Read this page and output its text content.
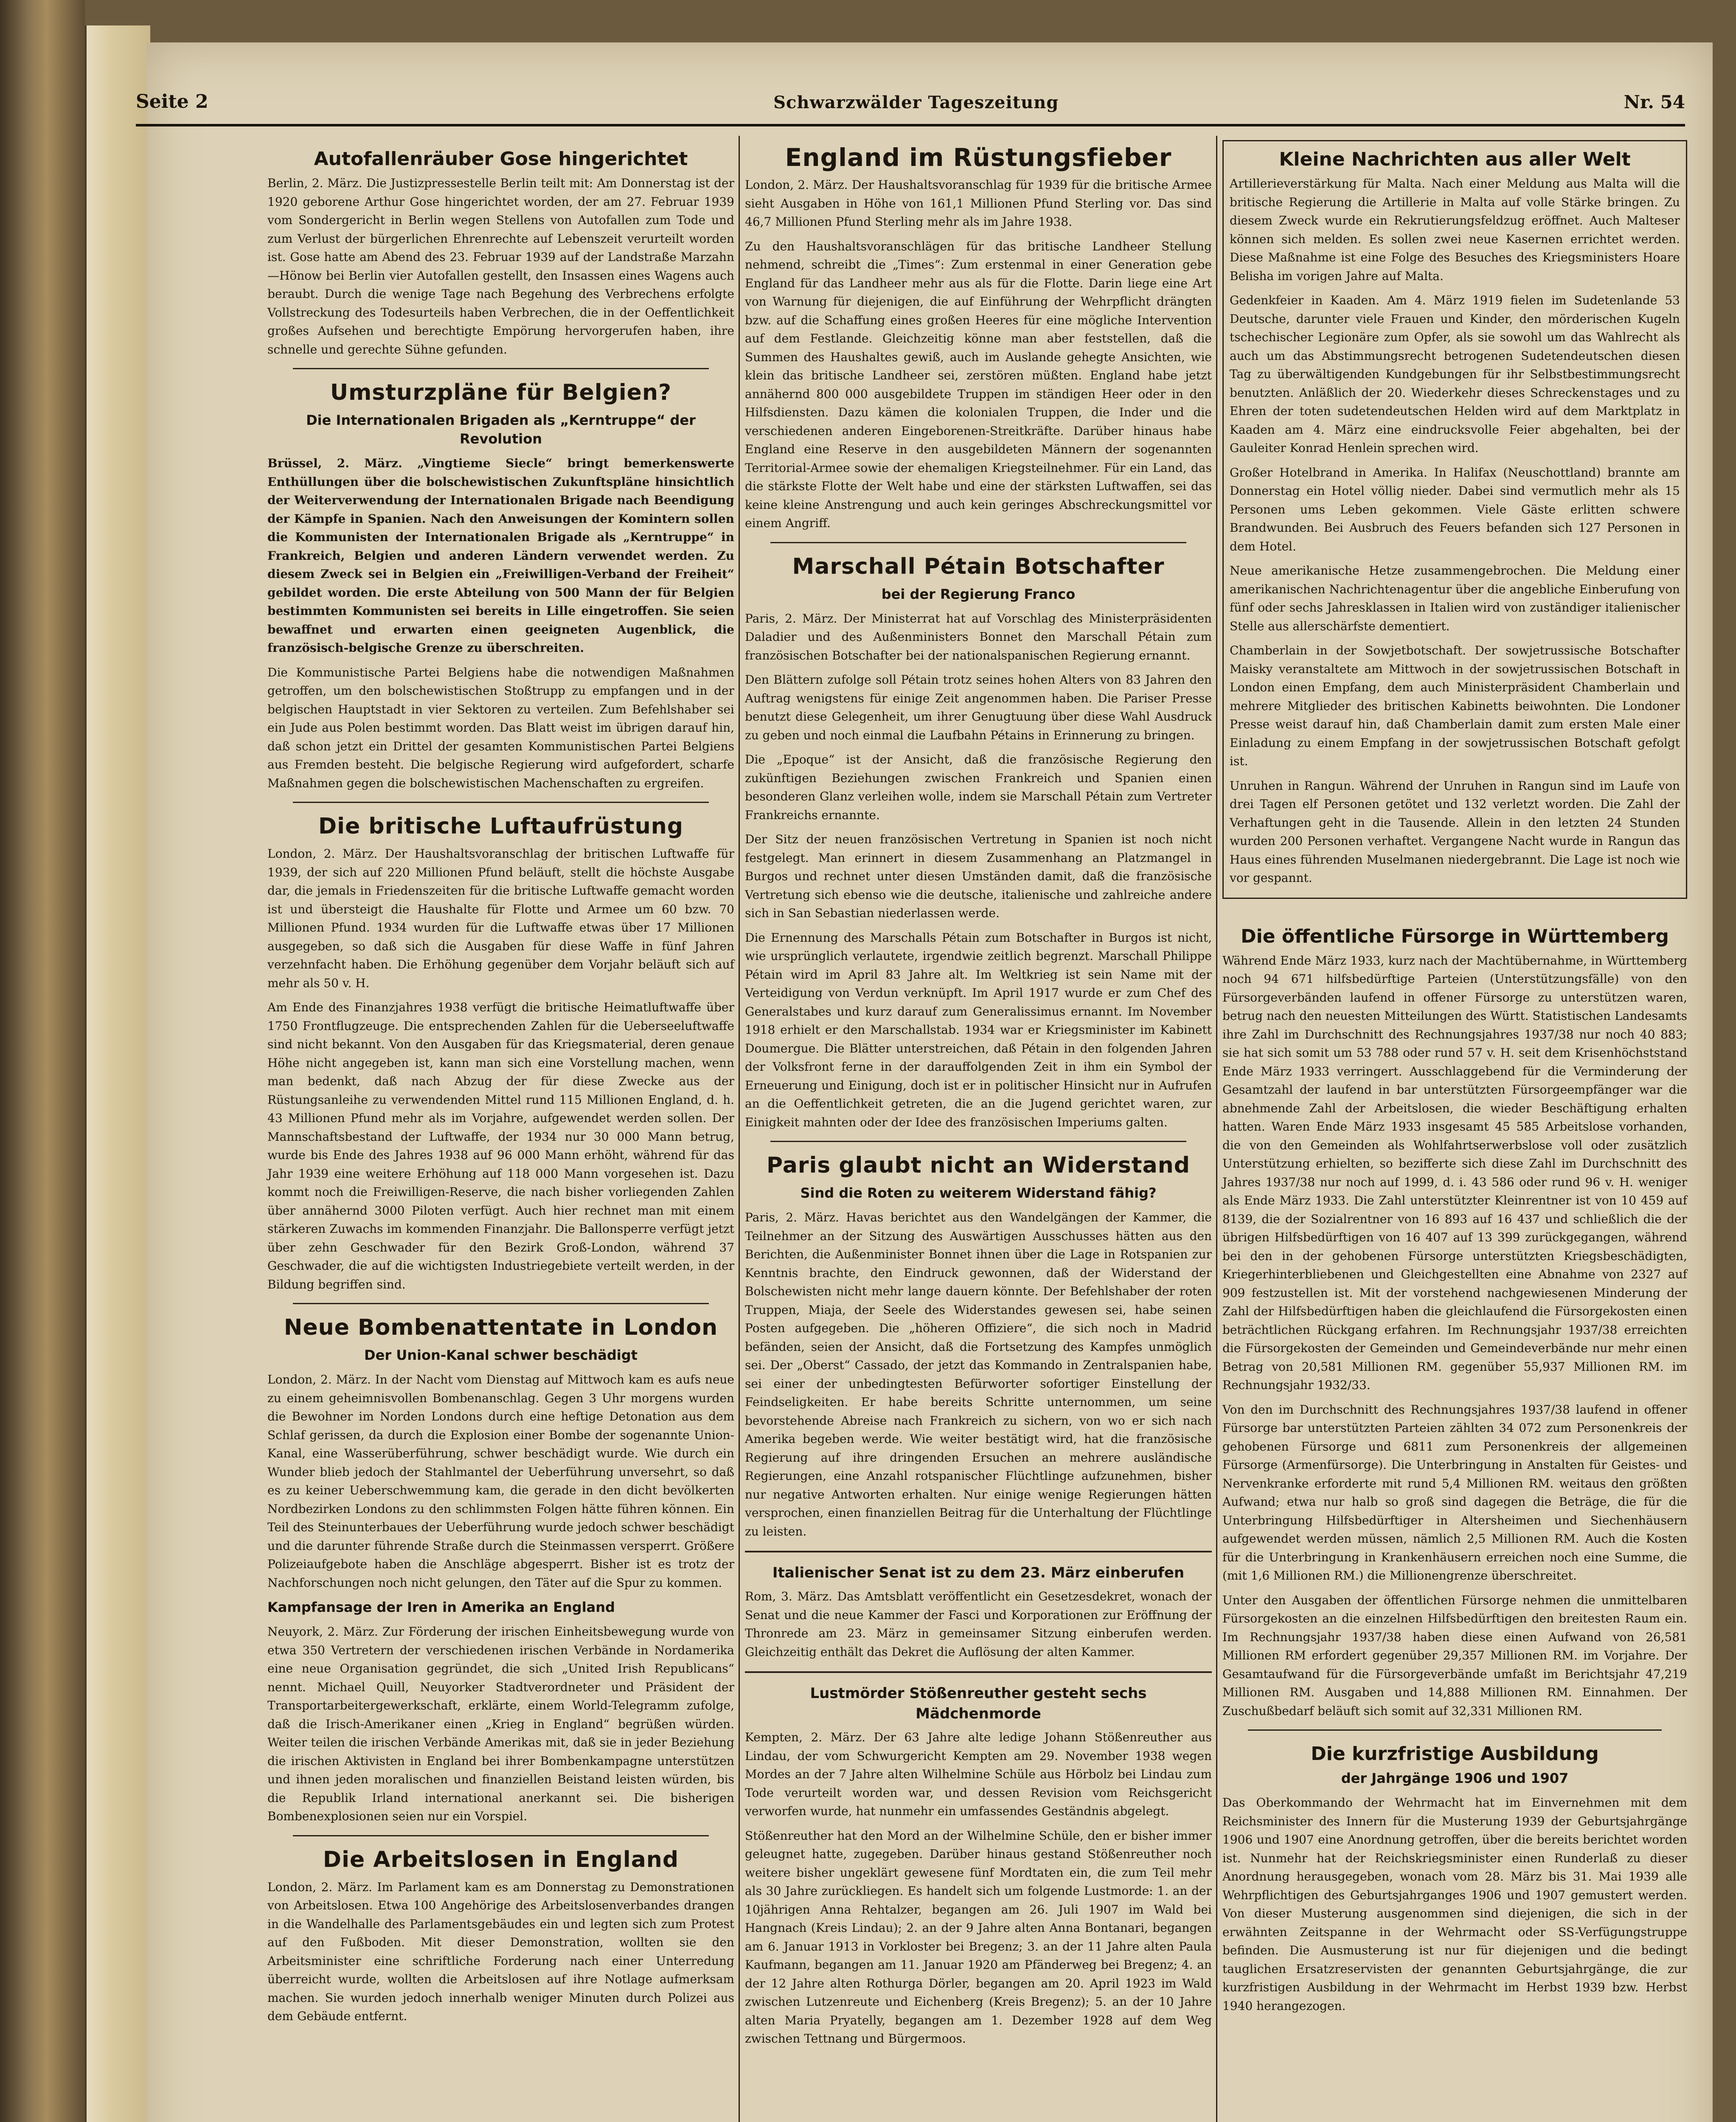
Seite 2	Schwarzwälder Tageszeitung	Nr. 54
Autofallenräuber Gose hingerichtet

Berlin, 2. März. Die Justizpressestelle Berlin teilt mit: Am Donnerstag ist der 1920 geborene Arthur Gose hingerichtet worden, der am 27. Februar 1939 vom Sondergericht in Berlin wegen Stellens von Autofallen zum Tode und zum Verlust der bürgerlichen Ehrenrechte auf Lebenszeit verurteilt worden ist. Gose hatte am Abend des 23. Februar 1939 auf der Landstraße Marzahn—Hönow bei Berlin vier Autofallen gestellt, den Insassen eines Wagens auch beraubt. Durch die wenige Tage nach Begehung des Verbrechens erfolgte Vollstreckung des Todesurteils haben Verbrechen, die in der Oeffentlichkeit großes Aufsehen und berechtigte Empörung hervorgerufen haben, ihre schnelle und gerechte Sühne gefunden.

Umsturzpläne für Belgien?
Die Internationalen Brigaden als „Kerntruppe“ der Revolution

Brüssel, 2. März. „Vingtieme Siecle“ bringt bemerkenswerte Enthüllungen über die bolschewistischen Zukunftspläne hinsichtlich der Weiterverwendung der Internationalen Brigade nach Beendigung der Kämpfe in Spanien. Nach den Anweisungen der Komintern sollen die Kommunisten der Internationalen Brigade als „Kerntruppe“ in Frankreich, Belgien und anderen Ländern verwendet werden. Zu diesem Zweck sei in Belgien ein „Freiwilligen-Verband der Freiheit“ gebildet worden. Die erste Abteilung von 500 Mann der für Belgien bestimmten Kommunisten sei bereits in Lille eingetroffen. Sie seien bewaffnet und erwarten einen geeigneten Augenblick, die französisch-belgische Grenze zu überschreiten.

Die Kommunistische Partei Belgiens habe die notwendigen Maßnahmen getroffen, um den bolschewistischen Stoßtrupp zu empfangen und in der belgischen Hauptstadt in vier Sektoren zu verteilen. Zum Befehlshaber sei ein Jude aus Polen bestimmt worden. Das Blatt weist im übrigen darauf hin, daß schon jetzt ein Drittel der gesamten Kommunistischen Partei Belgiens aus Fremden besteht. Die belgische Regierung wird aufgefordert, scharfe Maßnahmen gegen die bolschewistischen Machenschaften zu ergreifen.

Die britische Luftaufrüstung

London, 2. März. Der Haushaltsvoranschlag der britischen Luftwaffe für 1939, der sich auf 220 Millionen Pfund beläuft, stellt die höchste Ausgabe dar, die jemals in Friedenszeiten für die britische Luftwaffe gemacht worden ist und übersteigt die Haushalte für Flotte und Armee um 60 bzw. 70 Millionen Pfund. 1934 wurden für die Luftwaffe etwas über 17 Millionen ausgegeben, so daß sich die Ausgaben für diese Waffe in fünf Jahren verzehnfacht haben. Die Erhöhung gegenüber dem Vorjahr beläuft sich auf mehr als 50 v. H.

Am Ende des Finanzjahres 1938 verfügt die britische Heimatluftwaffe über 1750 Frontflugzeuge. Die entsprechenden Zahlen für die Ueberseeluftwaffe sind nicht bekannt. Von den Ausgaben für das Kriegsmaterial, deren genaue Höhe nicht angegeben ist, kann man sich eine Vorstellung machen, wenn man bedenkt, daß nach Abzug der für diese Zwecke aus der Rüstungsanleihe zu verwendenden Mittel rund 115 Millionen England, d. h. 43 Millionen Pfund mehr als im Vorjahre, aufgewendet werden sollen. Der Mannschaftsbestand der Luftwaffe, der 1934 nur 30 000 Mann betrug, wurde bis Ende des Jahres 1938 auf 96 000 Mann erhöht, während für das Jahr 1939 eine weitere Erhöhung auf 118 000 Mann vorgesehen ist. Dazu kommt noch die Freiwilligen-Reserve, die nach bisher vorliegenden Zahlen über annähernd 3000 Piloten verfügt. Auch hier rechnet man mit einem stärkeren Zuwachs im kommenden Finanzjahr. Die Ballonsperre verfügt jetzt über zehn Geschwader für den Bezirk Groß-London, während 37 Geschwader, die auf die wichtigsten Industriegebiete verteilt werden, in der Bildung begriffen sind.

Neue Bombenattentate in London
Der Union-Kanal schwer beschädigt

London, 2. März. In der Nacht vom Dienstag auf Mittwoch kam es aufs neue zu einem geheimnisvollen Bombenanschlag. Gegen 3 Uhr morgens wurden die Bewohner im Norden Londons durch eine heftige Detonation aus dem Schlaf gerissen, da durch die Explosion einer Bombe der sogenannte Union-Kanal, eine Wasserüberführung, schwer beschädigt wurde. Wie durch ein Wunder blieb jedoch der Stahlmantel der Ueberführung unversehrt, so daß es zu keiner Ueberschwemmung kam, die gerade in den dicht bevölkerten Nordbezirken Londons zu den schlimmsten Folgen hätte führen können. Ein Teil des Steinunterbaues der Ueberführung wurde jedoch schwer beschädigt und die darunter führende Straße durch die Steinmassen versperrt. Größere Polizeiaufgebote haben die Anschläge abgesperrt. Bisher ist es trotz der Nachforschungen noch nicht gelungen, den Täter auf die Spur zu kommen.

Kampfansage der Iren in Amerika an England

Neuyork, 2. März. Zur Förderung der irischen Einheitsbewegung wurde von etwa 350 Vertretern der verschiedenen irischen Verbände in Nordamerika eine neue Organisation gegründet, die sich „United Irish Republicans“ nennt. Michael Quill, Neuyorker Stadtverordneter und Präsident der Transportarbeitergewerkschaft, erklärte, einem World-Telegramm zufolge, daß die Irisch-Amerikaner einen „Krieg in England“ begrüßen würden. Weiter teilen die irischen Verbände Amerikas mit, daß sie in jeder Beziehung die irischen Aktivisten in England bei ihrer Bombenkampagne unterstützen und ihnen jeden moralischen und finanziellen Beistand leisten würden, bis die Republik Irland international anerkannt sei. Die bisherigen Bombenexplosionen seien nur ein Vorspiel.

Die Arbeitslosen in England

London, 2. März. Im Parlament kam es am Donnerstag zu Demonstrationen von Arbeitslosen. Etwa 100 Angehörige des Arbeitslosenverbandes drangen in die Wandelhalle des Parlamentsgebäudes ein und legten sich zum Protest auf den Fußboden. Mit dieser Demonstration, wollten sie den Arbeitsminister eine schriftliche Forderung nach einer Unterredung überreicht wurde, wollten die Arbeitslosen auf ihre Notlage aufmerksam machen. Sie wurden jedoch innerhalb weniger Minuten durch Polizei aus dem Gebäude entfernt.

England im Rüstungsfieber

London, 2. März. Der Haushaltsvoranschlag für 1939 für die britische Armee sieht Ausgaben in Höhe von 161,1 Millionen Pfund Sterling vor. Das sind 46,7 Millionen Pfund Sterling mehr als im Jahre 1938.

Zu den Haushaltsvoranschlägen für das britische Landheer Stellung nehmend, schreibt die „Times“: Zum erstenmal in einer Generation gebe England für das Landheer mehr aus als für die Flotte. Darin liege eine Art von Warnung für diejenigen, die auf Einführung der Wehrpflicht drängten bzw. auf die Schaffung eines großen Heeres für eine mögliche Intervention auf dem Festlande. Gleichzeitig könne man aber feststellen, daß die Summen des Haushaltes gewiß, auch im Auslande gehegte Ansichten, wie klein das britische Landheer sei, zerstören müßten. England habe jetzt annähernd 800 000 ausgebildete Truppen im ständigen Heer oder in den Hilfsdiensten. Dazu kämen die kolonialen Truppen, die Inder und die verschiedenen anderen Eingeborenen-Streitkräfte. Darüber hinaus habe England eine Reserve in den ausgebildeten Männern der sogenannten Territorial-Armee sowie der ehemaligen Kriegsteilnehmer. Für ein Land, das die stärkste Flotte der Welt habe und eine der stärksten Luftwaffen, sei das keine kleine Anstrengung und auch kein geringes Abschreckungsmittel vor einem Angriff.

Marschall Pétain Botschafter
bei der Regierung Franco

Paris, 2. März. Der Ministerrat hat auf Vorschlag des Ministerpräsidenten Daladier und des Außenministers Bonnet den Marschall Pétain zum französischen Botschafter bei der nationalspanischen Regierung ernannt.

Den Blättern zufolge soll Pétain trotz seines hohen Alters von 83 Jahren den Auftrag wenigstens für einige Zeit angenommen haben. Die Pariser Presse benutzt diese Gelegenheit, um ihrer Genugtuung über diese Wahl Ausdruck zu geben und noch einmal die Laufbahn Pétains in Erinnerung zu bringen.

Die „Epoque“ ist der Ansicht, daß die französische Regierung den zukünftigen Beziehungen zwischen Frankreich und Spanien einen besonderen Glanz verleihen wolle, indem sie Marschall Pétain zum Vertreter Frankreichs ernannte.

Der Sitz der neuen französischen Vertretung in Spanien ist noch nicht festgelegt. Man erinnert in diesem Zusammenhang an Platzmangel in Burgos und rechnet unter diesen Umständen damit, daß die französische Vertretung sich ebenso wie die deutsche, italienische und zahlreiche andere sich in San Sebastian niederlassen werde.

Die Ernennung des Marschalls Pétain zum Botschafter in Burgos ist nicht, wie ursprünglich verlautete, irgendwie zeitlich begrenzt. Marschall Philippe Pétain wird im April 83 Jahre alt. Im Weltkrieg ist sein Name mit der Verteidigung von Verdun verknüpft. Im April 1917 wurde er zum Chef des Generalstabes und kurz darauf zum Generalissimus ernannt. Im November 1918 erhielt er den Marschallstab. 1934 war er Kriegsminister im Kabinett Doumergue. Die Blätter unterstreichen, daß Pétain in den folgenden Jahren der Volksfront ferne in der darauffolgenden Zeit in ihm ein Symbol der Erneuerung und Einigung, doch ist er in politischer Hinsicht nur in Aufrufen an die Oeffentlichkeit getreten, die an die Jugend gerichtet waren, zur Einigkeit mahnten oder der Idee des französischen Imperiums galten.

Paris glaubt nicht an Widerstand
Sind die Roten zu weiterem Widerstand fähig?

Paris, 2. März. Havas berichtet aus den Wandelgängen der Kammer, die Teilnehmer an der Sitzung des Auswärtigen Ausschusses hätten aus den Berichten, die Außenminister Bonnet ihnen über die Lage in Rotspanien zur Kenntnis brachte, den Eindruck gewonnen, daß der Widerstand der Bolschewisten nicht mehr lange dauern könnte. Der Befehlshaber der roten Truppen, Miaja, der Seele des Widerstandes gewesen sei, habe seinen Posten aufgegeben. Die „höheren Offiziere“, die sich noch in Madrid befänden, seien der Ansicht, daß die Fortsetzung des Kampfes unmöglich sei. Der „Oberst“ Cassado, der jetzt das Kommando in Zentralspanien habe, sei einer der unbedingtesten Befürworter sofortiger Einstellung der Feindseligkeiten. Er habe bereits Schritte unternommen, um seine bevorstehende Abreise nach Frankreich zu sichern, von wo er sich nach Amerika begeben werde. Wie weiter bestätigt wird, hat die französische Regierung auf ihre dringenden Ersuchen an mehrere ausländische Regierungen, eine Anzahl rotspanischer Flüchtlinge aufzunehmen, bisher nur negative Antworten erhalten. Nur einige wenige Regierungen hätten versprochen, einen finanziellen Beitrag für die Unterhaltung der Flüchtlinge zu leisten.

Italienischer Senat ist zu dem 23. März einberufen

Rom, 3. März. Das Amtsblatt veröffentlicht ein Gesetzesdekret, wonach der Senat und die neue Kammer der Fasci und Korporationen zur Eröffnung der Thronrede am 23. März in gemeinsamer Sitzung einberufen werden. Gleichzeitig enthält das Dekret die Auflösung der alten Kammer.

Lustmörder Stößenreuther gesteht sechs Mädchenmorde

Kempten, 2. März. Der 63 Jahre alte ledige Johann Stößenreuther aus Lindau, der vom Schwurgericht Kempten am 29. November 1938 wegen Mordes an der 7 Jahre alten Wilhelmine Schüle aus Hörbolz bei Lindau zum Tode verurteilt worden war, und dessen Revision vom Reichsgericht verworfen wurde, hat nunmehr ein umfassendes Geständnis abgelegt.

Stößenreuther hat den Mord an der Wilhelmine Schüle, den er bisher immer geleugnet hatte, zugegeben. Darüber hinaus gestand Stößenreuther noch weitere bisher ungeklärt gewesene fünf Mordtaten ein, die zum Teil mehr als 30 Jahre zurückliegen. Es handelt sich um folgende Lustmorde: 1. an der 10jährigen Anna Rehtalzer, begangen am 26. Juli 1907 im Wald bei Hangnach (Kreis Lindau); 2. an der 9 Jahre alten Anna Bontanari, begangen am 6. Januar 1913 in Vorkloster bei Bregenz; 3. an der 11 Jahre alten Paula Kaufmann, begangen am 11. Januar 1920 am Pfänderweg bei Bregenz; 4. an der 12 Jahre alten Rothurga Dörler, begangen am 20. April 1923 im Wald zwischen Lutzenreute und Eichenberg (Kreis Bregenz); 5. an der 10 Jahre alten Maria Pryatelly, begangen am 1. Dezember 1928 auf dem Weg zwischen Tettnang und Bürgermoos.

Kleine Nachrichten aus aller Welt

Artillerieverstärkung für Malta. Nach einer Meldung aus Malta will die britische Regierung die Artillerie in Malta auf volle Stärke bringen. Zu diesem Zweck wurde ein Rekrutierungsfeldzug eröffnet. Auch Malteser können sich melden. Es sollen zwei neue Kasernen errichtet werden. Diese Maßnahme ist eine Folge des Besuches des Kriegsministers Hoare Belisha im vorigen Jahre auf Malta.

Gedenkfeier in Kaaden. Am 4. März 1919 fielen im Sudetenlande 53 Deutsche, darunter viele Frauen und Kinder, den mörderischen Kugeln tschechischer Legionäre zum Opfer, als sie sowohl um das Wahlrecht als auch um das Abstimmungsrecht betrogenen Sudetendeutschen diesen Tag zu überwältigenden Kundgebungen für ihr Selbstbestimmungsrecht benutzten. Anläßlich der 20. Wiederkehr dieses Schreckenstages und zu Ehren der toten sudetendeutschen Helden wird auf dem Marktplatz in Kaaden am 4. März eine eindrucksvolle Feier abgehalten, bei der Gauleiter Konrad Henlein sprechen wird.

Großer Hotelbrand in Amerika. In Halifax (Neuschottland) brannte am Donnerstag ein Hotel völlig nieder. Dabei sind vermutlich mehr als 15 Personen ums Leben gekommen. Viele Gäste erlitten schwere Brandwunden. Bei Ausbruch des Feuers befanden sich 127 Personen in dem Hotel.

Neue amerikanische Hetze zusammengebrochen. Die Meldung einer amerikanischen Nachrichtenagentur über die angebliche Einberufung von fünf oder sechs Jahresklassen in Italien wird von zuständiger italienischer Stelle aus allerschärfste dementiert.

Chamberlain in der Sowjetbotschaft. Der sowjetrussische Botschafter Maisky veranstaltete am Mittwoch in der sowjetrussischen Botschaft in London einen Empfang, dem auch Ministerpräsident Chamberlain und mehrere Mitglieder des britischen Kabinetts beiwohnten. Die Londoner Presse weist darauf hin, daß Chamberlain damit zum ersten Male einer Einladung zu einem Empfang in der sowjetrussischen Botschaft gefolgt ist.

Unruhen in Rangun. Während der Unruhen in Rangun sind im Laufe von drei Tagen elf Personen getötet und 132 verletzt worden. Die Zahl der Verhaftungen geht in die Tausende. Allein in den letzten 24 Stunden wurden 200 Personen verhaftet. Vergangene Nacht wurde in Rangun das Haus eines führenden Muselmanen niedergebrannt. Die Lage ist noch wie vor gespannt.

Die öffentliche Fürsorge in Württemberg

Während Ende März 1933, kurz nach der Machtübernahme, in Württemberg noch 94 671 hilfsbedürftige Parteien (Unterstützungsfälle) von den Fürsorgeverbänden laufend in offener Fürsorge zu unterstützen waren, betrug nach den neuesten Mitteilungen des Württ. Statistischen Landesamts ihre Zahl im Durchschnitt des Rechnungsjahres 1937/38 nur noch 40 883; sie hat sich somit um 53 788 oder rund 57 v. H. seit dem Krisenhöchststand Ende März 1933 verringert. Ausschlaggebend für die Verminderung der Gesamtzahl der laufend in bar unterstützten Fürsorgeempfänger war die abnehmende Zahl der Arbeitslosen, die wieder Beschäftigung erhalten hatten. Waren Ende März 1933 insgesamt 45 585 Arbeitslose vorhanden, die von den Gemeinden als Wohlfahrtserwerbslose voll oder zusätzlich Unterstützung erhielten, so bezifferte sich diese Zahl im Durchschnitt des Jahres 1937/38 nur noch auf 1999, d. i. 43 586 oder rund 96 v. H. weniger als Ende März 1933. Die Zahl unterstützter Kleinrentner ist von 10 459 auf 8139, die der Sozialrentner von 16 893 auf 16 437 und schließlich die der übrigen Hilfsbedürftigen von 16 407 auf 13 399 zurückgegangen, während bei den in der gehobenen Fürsorge unterstützten Kriegsbeschädigten, Kriegerhinterbliebenen und Gleichgestellten eine Abnahme von 2327 auf 909 festzustellen ist. Mit der vorstehend nachgewiesenen Minderung der Zahl der Hilfsbedürftigen haben die gleichlaufend die Fürsorgekosten einen beträchtlichen Rückgang erfahren. Im Rechnungsjahr 1937/38 erreichten die Fürsorgekosten der Gemeinden und Gemeindeverbände nur mehr einen Betrag von 20,581 Millionen RM. gegenüber 55,937 Millionen RM. im Rechnungsjahr 1932/33.

Von den im Durchschnitt des Rechnungsjahres 1937/38 laufend in offener Fürsorge bar unterstützten Parteien zählten 34 072 zum Personenkreis der gehobenen Fürsorge und 6811 zum Personenkreis der allgemeinen Fürsorge (Armenfürsorge). Die Unterbringung in Anstalten für Geistes- und Nervenkranke erforderte mit rund 5,4 Millionen RM. weitaus den größten Aufwand; etwa nur halb so groß sind dagegen die Beträge, die für die Unterbringung Hilfsbedürftiger in Altersheimen und Siechenhäusern aufgewendet werden müssen, nämlich 2,5 Millionen RM. Auch die Kosten für die Unterbringung in Krankenhäusern erreichen noch eine Summe, die (mit 1,6 Millionen RM.) die Millionengrenze überschreitet.

Unter den Ausgaben der öffentlichen Fürsorge nehmen die unmittelbaren Fürsorgekosten an die einzelnen Hilfsbedürftigen den breitesten Raum ein. Im Rechnungsjahr 1937/38 haben diese einen Aufwand von 26,581 Millionen RM erfordert gegenüber 29,357 Millionen RM. im Vorjahre. Der Gesamtaufwand für die Fürsorgeverbände umfaßt im Berichtsjahr 47,219 Millionen RM. Ausgaben und 14,888 Millionen RM. Einnahmen. Der Zuschußbedarf beläuft sich somit auf 32,331 Millionen RM.

Die kurzfristige Ausbildung
der Jahrgänge 1906 und 1907

Das Oberkommando der Wehrmacht hat im Einvernehmen mit dem Reichsminister des Innern für die Musterung 1939 der Geburtsjahrgänge 1906 und 1907 eine Anordnung getroffen, über die bereits berichtet worden ist. Nunmehr hat der Reichskriegsminister einen Runderlaß zu dieser Anordnung herausgegeben, wonach vom 28. März bis 31. Mai 1939 alle Wehrpflichtigen des Geburtsjahrganges 1906 und 1907 gemustert werden. Von dieser Musterung ausgenommen sind diejenigen, die sich in der erwähnten Zeitspanne in der Wehrmacht oder SS-Verfügungstruppe befinden. Die Ausmusterung ist nur für diejenigen und die bedingt tauglichen Ersatzreservisten der genannten Geburtsjahrgänge, die zur kurzfristigen Ausbildung in der Wehrmacht im Herbst 1939 bzw. Herbst 1940 herangezogen.
